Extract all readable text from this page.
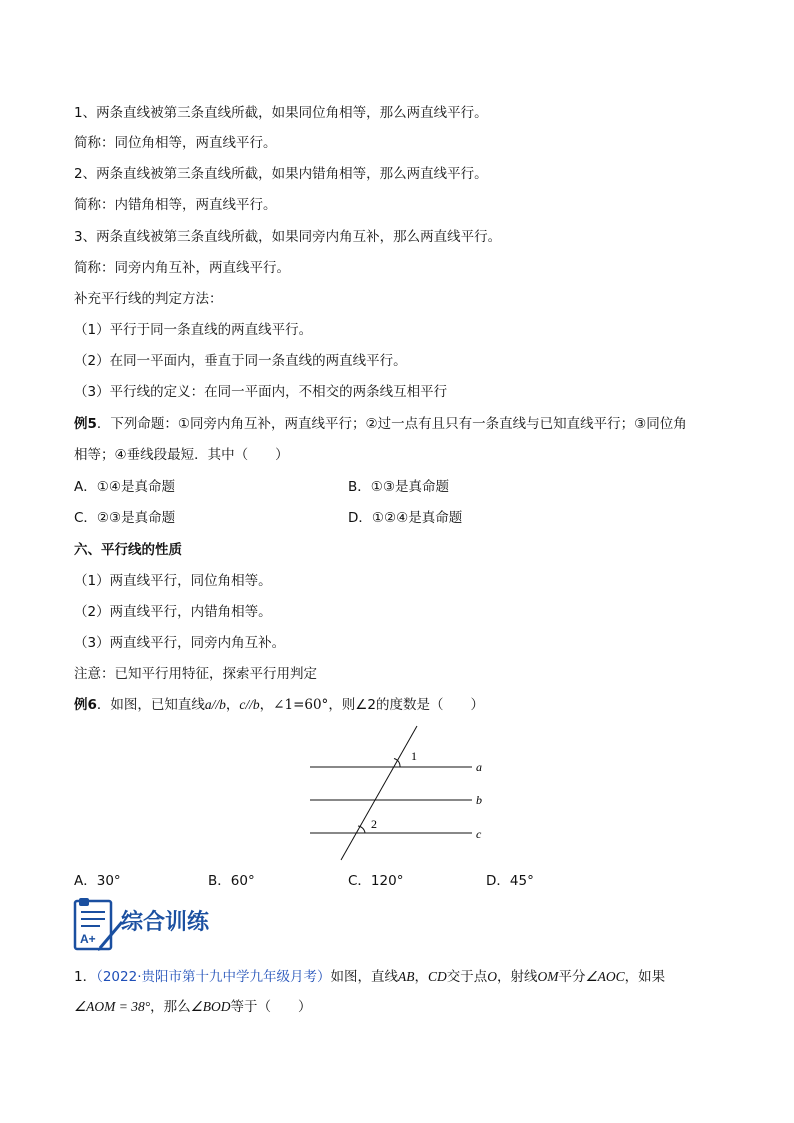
1、两条直线被第三条直线所截，如果同位角相等，那么两直线平行。
简称：同位角相等，两直线平行。
2、两条直线被第三条直线所截，如果内错角相等，那么两直线平行。
简称：内错角相等，两直线平行。
3、两条直线被第三条直线所截，如果同旁内角互补，那么两直线平行。
简称：同旁内角互补，两直线平行。
补充平行线的判定方法：
（1）平行于同一条直线的两直线平行。
（2）在同一平面内，垂直于同一条直线的两直线平行。
（3）平行线的定义：在同一平面内，不相交的两条线互相平行
例5．下列命题：①同旁内角互补，两直线平行；②过一点有且只有一条直线与已知直线平行；③同位角
相等；④垂线段最短．其中（　　）
A．①④是真命题	B．①③是真命题
C．②③是真命题	D．①②④是真命题
六、平行线的性质
（1）两直线平行，同位角相等。
（2）两直线平行，内错角相等。
（3）两直线平行，同旁内角互补。
注意：已知平行用特征，探索平行用判定
例6．如图，已知直线a//b，c//b，∠1=60°，则∠2的度数是（　　）
a
b
c
1
2
A．30°	B．60°	C．120°	D．45°
A+
综合训练
1．（2022·贵阳市第十九中学九年级月考）如图，直线AB，CD交于点O，射线OM平分∠AOC，如果
∠AOM = 38°，那么∠BOD等于（　　）
